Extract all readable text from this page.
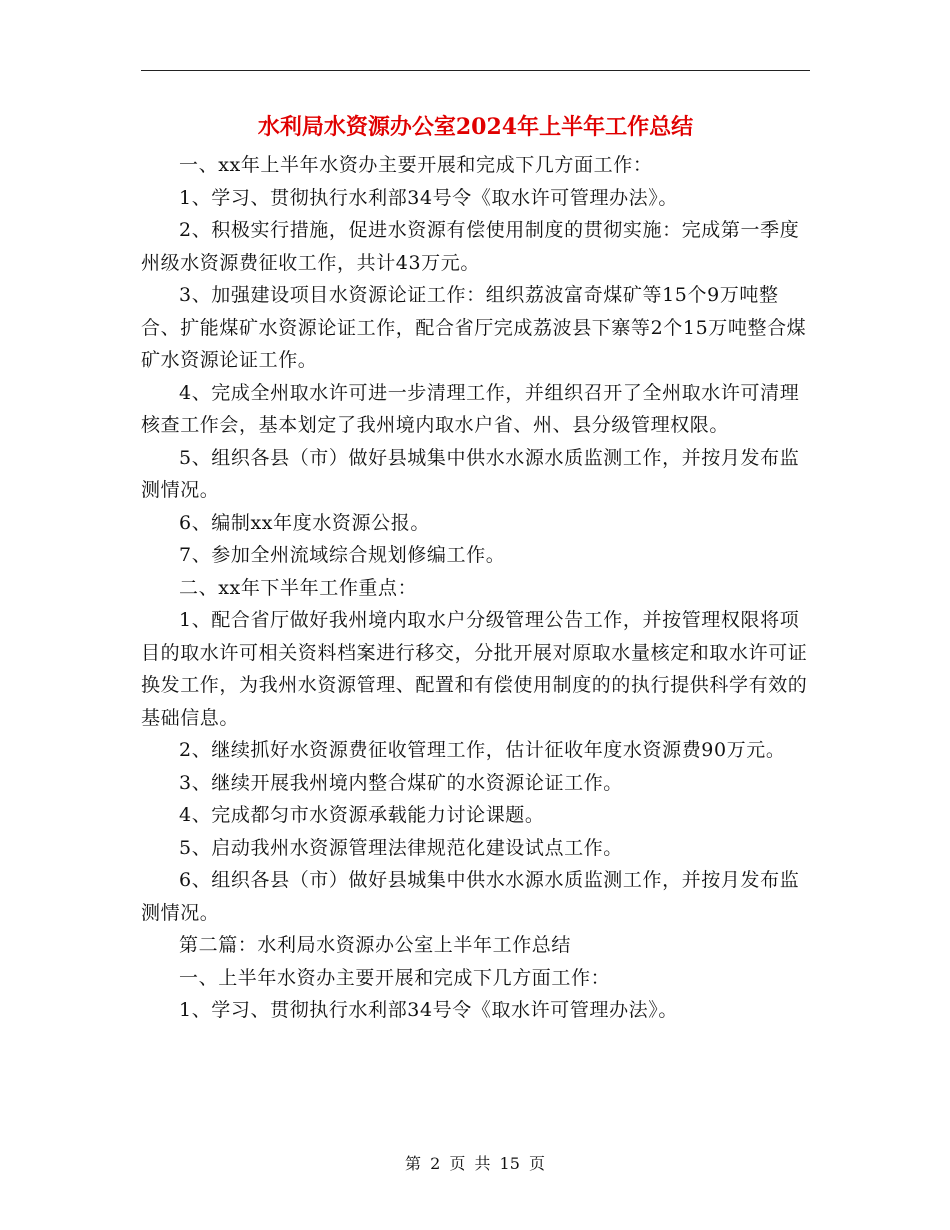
水利局水资源办公室2024年上半年工作总结

一、xx年上半年水资办主要开展和完成下几方面工作：

1、学习、贯彻执行水利部34号令《取水许可管理办法》。

2、积极实行措施，促进水资源有偿使用制度的贯彻实施：完成第一季度州级水资源费征收工作，共计43万元。

3、加强建设项目水资源论证工作：组织荔波富奇煤矿等15个9万吨整合、扩能煤矿水资源论证工作，配合省厅完成荔波县下寨等2个15万吨整合煤矿水资源论证工作。

4、完成全州取水许可进一步清理工作，并组织召开了全州取水许可清理核查工作会，基本划定了我州境内取水户省、州、县分级管理权限。

5、组织各县（市）做好县城集中供水水源水质监测工作，并按月发布监测情况。

6、编制xx年度水资源公报。

7、参加全州流域综合规划修编工作。

二、xx年下半年工作重点：

1、配合省厅做好我州境内取水户分级管理公告工作，并按管理权限将项目的取水许可相关资料档案进行移交，分批开展对原取水量核定和取水许可证换发工作，为我州水资源管理、配置和有偿使用制度的的执行提供科学有效的基础信息。

2、继续抓好水资源费征收管理工作，估计征收年度水资源费90万元。

3、继续开展我州境内整合煤矿的水资源论证工作。

4、完成都匀市水资源承载能力讨论课题。

5、启动我州水资源管理法律规范化建设试点工作。

6、组织各县（市）做好县城集中供水水源水质监测工作，并按月发布监测情况。

第二篇：水利局水资源办公室上半年工作总结

一、上半年水资办主要开展和完成下几方面工作：

1、学习、贯彻执行水利部34号令《取水许可管理办法》。

第 2 页 共 15 页
